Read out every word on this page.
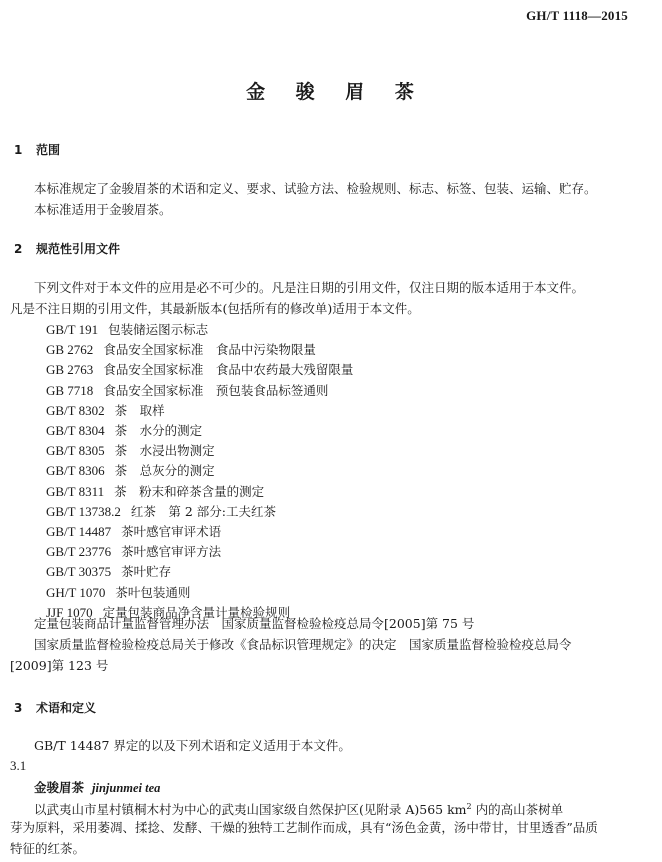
GH/T 1118—2015
金 骏 眉 茶
1 范围
本标准规定了金骏眉茶的术语和定义、要求、试验方法、检验规则、标志、标签、包装、运输、贮存。
本标准适用于金骏眉茶。
2 规范性引用文件
下列文件对于本文件的应用是必不可少的。凡是注日期的引用文件，仅注日期的版本适用于本文件。
凡是不注日期的引用文件，其最新版本(包括所有的修改单)适用于本文件。
GB/T 191 包装储运图示标志
GB 2762 食品安全国家标准　食品中污染物限量
GB 2763 食品安全国家标准　食品中农药最大残留限量
GB 7718 食品安全国家标准　预包装食品标签通则
GB/T 8302 茶　取样
GB/T 8304 茶　水分的测定
GB/T 8305 茶　水浸出物测定
GB/T 8306 茶　总灰分的测定
GB/T 8311 茶　粉末和碎茶含量的测定
GB/T 13738.2 红茶　第 2 部分:工夫红茶
GB/T 14487 茶叶感官审评术语
GB/T 23776 茶叶感官审评方法
GB/T 30375 茶叶贮存
GH/T 1070 茶叶包装通则
JJF 1070 定量包装商品净含量计量检验规则
定量包装商品计量监督管理办法　国家质量监督检验检疫总局令[2005]第 75 号
国家质量监督检验检疫总局关于修改《食品标识管理规定》的决定　国家质量监督检验检疫总局令
[2009]第 123 号
3 术语和定义
GB/T 14487 界定的以及下列术语和定义适用于本文件。
3.1
金骏眉茶 jinjunmei tea
以武夷山市星村镇桐木村为中心的武夷山国家级自然保护区(见附录 A)565 $km^2$ 内的高山茶树单
芽为原料，采用萎凋、揉捻、发酵、干燥的独特工艺制作而成，具有“汤色金黄，汤中带甘，甘里透香”品质
特征的红茶。
